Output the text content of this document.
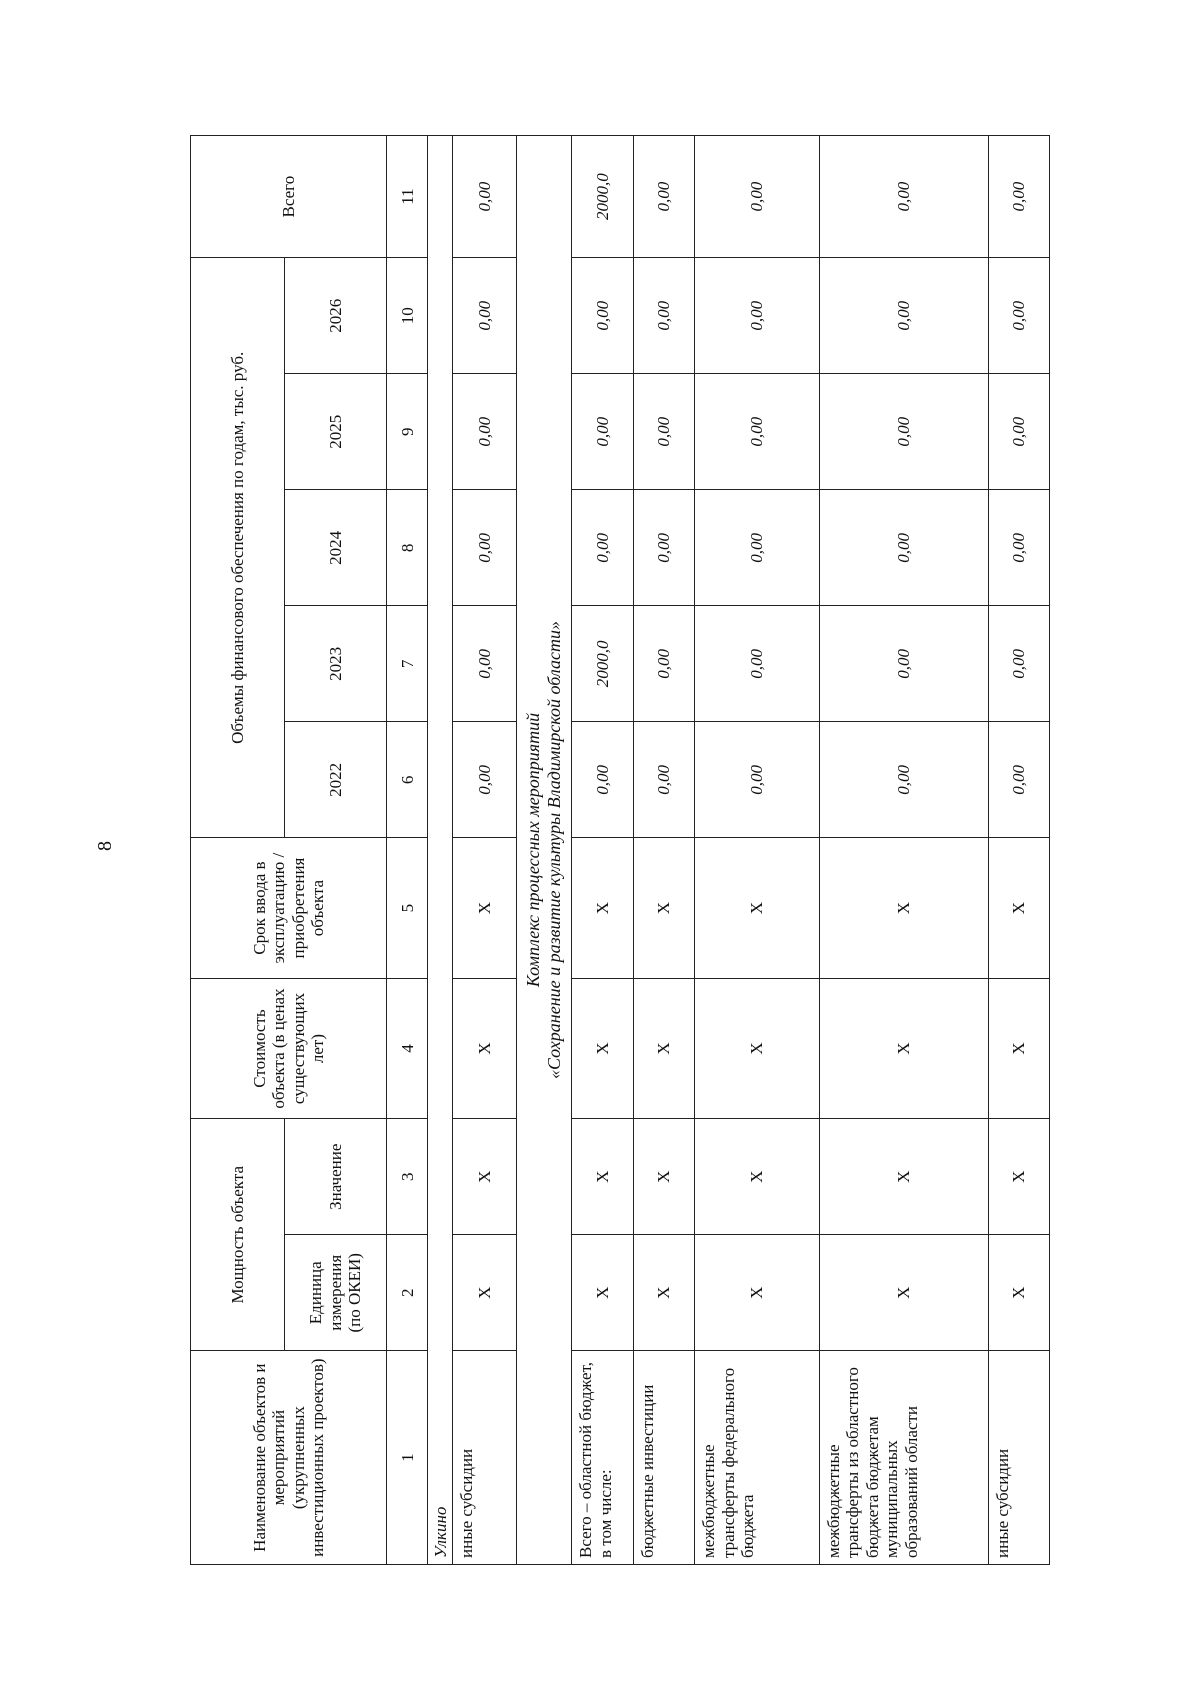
8
Наименование объектов и мероприятий (укрупненных инвестиционных проектов)	Мощность объекта		Стоимость объекта (в ценах существующих лет)	Срок ввода в эксплуатацию / приобретения объекта	Объемы финансового обеспечения по годам, тыс. руб.					Всего
	Единица измерения (по ОКЕИ)	Значение			2022	2023	2024	2025	2026	
1	2	3	4	5	6	7	8	9	10	11
Улкино										
иные субсидии	X	X	X	X	0,00	0,00	0,00	0,00	0,00	0,00
Комплекс процессных мероприятий
«Сохранение и развитие культуры Владимирской области»										
Всего – областной бюджет, в том числе:	X	X	X	X	0,00	2000,0	0,00	0,00	0,00	2000,0
бюджетные инвестиции	X	X	X	X	0,00	0,00	0,00	0,00	0,00	0,00
межбюджетные трансферты федерального бюджета	X	X	X	X	0,00	0,00	0,00	0,00	0,00	0,00
межбюджетные трансферты из областного бюджета бюджетам муниципальных образований области	X	X	X	X	0,00	0,00	0,00	0,00	0,00	0,00
иные субсидии	X	X	X	X	0,00	0,00	0,00	0,00	0,00	0,00
